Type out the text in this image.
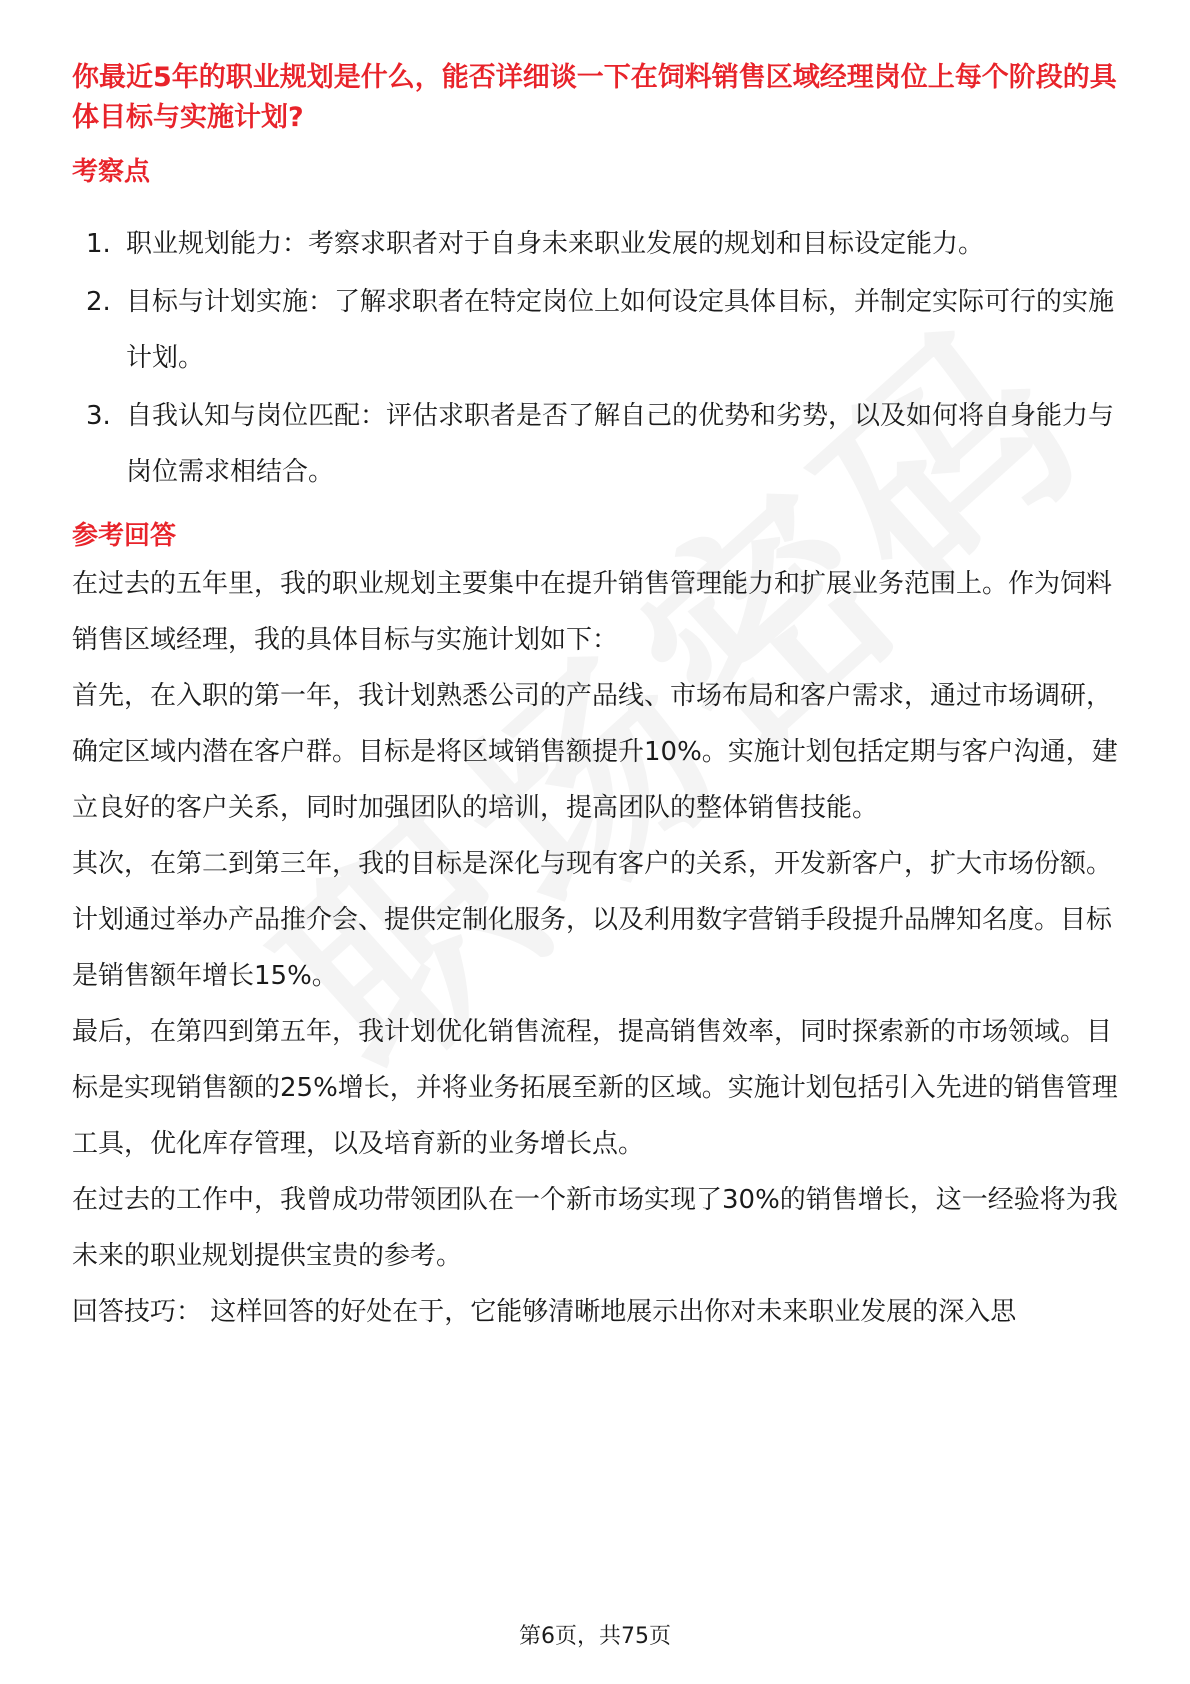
你最近5年的职业规划是什么，能否详细谈一下在饲料销售区域经理岗位上每个阶段的具体目标与实施计划?
考察点
1. 职业规划能力：考察求职者对于自身未来职业发展的规划和目标设定能力。
2. 目标与计划实施：了解求职者在特定岗位上如何设定具体目标，并制定实际可行的实施计划。
3. 自我认知与岗位匹配：评估求职者是否了解自己的优势和劣势，以及如何将自身能力与岗位需求相结合。
参考回答

在过去的五年里，我的职业规划主要集中在提升销售管理能力和扩展业务范围上。作为饲料销售区域经理，我的具体目标与实施计划如下：

首先，在入职的第一年，我计划熟悉公司的产品线、市场布局和客户需求，通过市场调研，确定区域内潜在客户群。目标是将区域销售额提升10%。实施计划包括定期与客户沟通，建立良好的客户关系，同时加强团队的培训，提高团队的整体销售技能。

其次，在第二到第三年，我的目标是深化与现有客户的关系，开发新客户，扩大市场份额。计划通过举办产品推介会、提供定制化服务，以及利用数字营销手段提升品牌知名度。目标是销售额年增长15%。

最后，在第四到第五年，我计划优化销售流程，提高销售效率，同时探索新的市场领域。目标是实现销售额的25%增长，并将业务拓展至新的区域。实施计划包括引入先进的销售管理工具，优化库存管理，以及培育新的业务增长点。

在过去的工作中，我曾成功带领团队在一个新市场实现了30%的销售增长，这一经验将为我未来的职业规划提供宝贵的参考。

回答技巧： 这样回答的好处在于，它能够清晰地展示出你对未来职业发展的深入思

第6页，共75页
